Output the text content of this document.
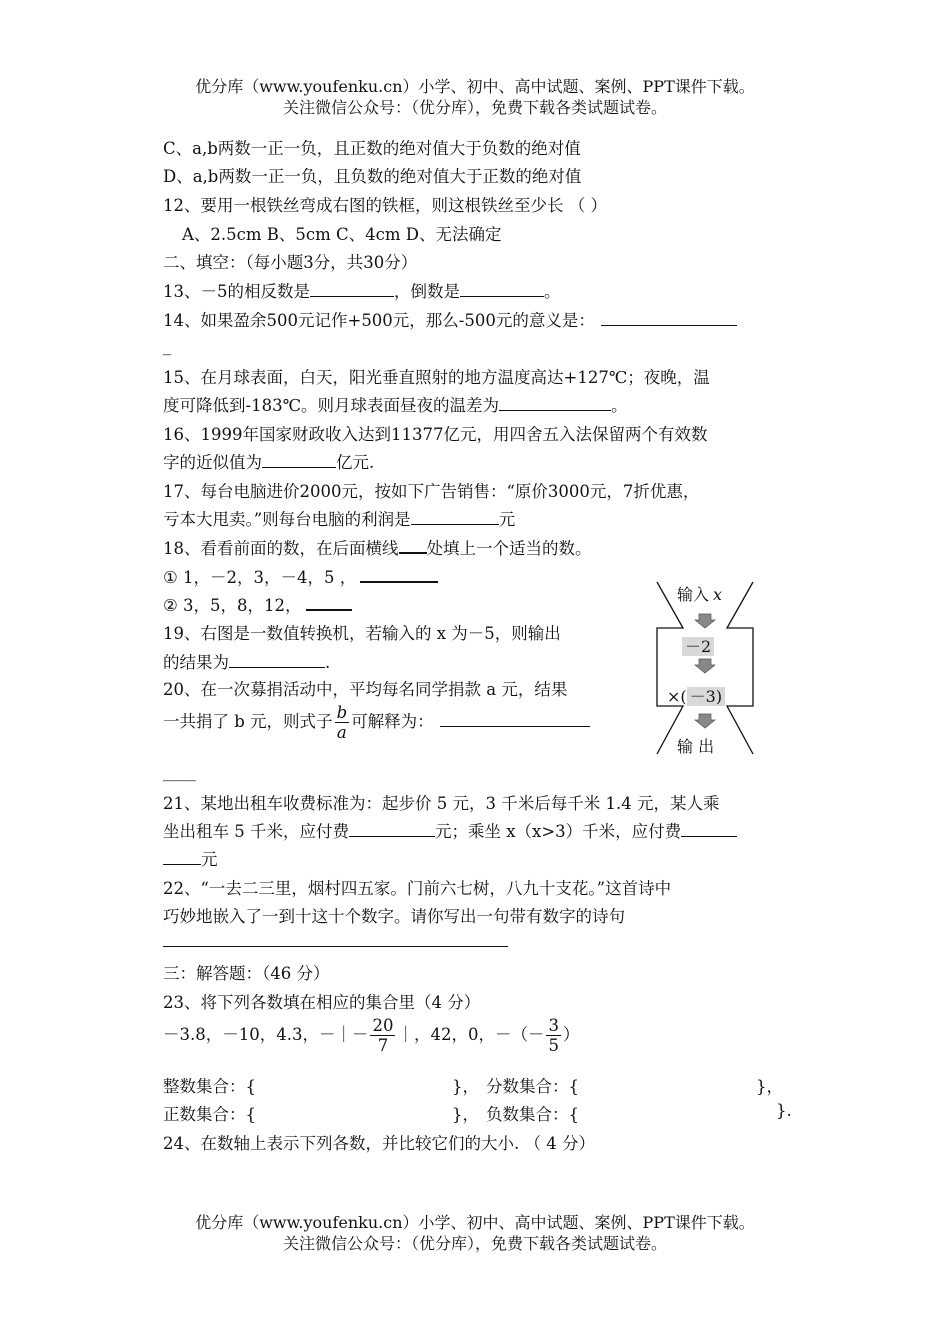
优分库（www.youfenku.cn）小学、初中、高中试题、案例、PPT课件下载。
关注微信公众号：（优分库），免费下载各类试题试卷。
C、a,b两数一正一负，且正数的绝对值大于负数的绝对值
D、a,b两数一正一负，且负数的绝对值大于正数的绝对值
12、要用一根铁丝弯成右图的铁框，则这根铁丝至少长 （ ）
A、2.5cm B、5cm C、4cm D、无法确定
二、填空：（每小题3分，共30分）
13、－5的相反数是	，倒数是	。
14、如果盈余500元记作+500元，那么-500元的意义是：
_
15、在月球表面，白天，阳光垂直照射的地方温度高达+127℃；夜晚，温
度可降低到-183℃。则月球表面昼夜的温差为	。
16、1999年国家财政收入达到11377亿元，用四舍五入法保留两个有效数
字的近似值为	亿元.
17、每台电脑进价2000元，按如下广告销售：“原价3000元，7折优惠，
亏本大甩卖。”则每台电脑的利润是	元
18、看看前面的数，在后面横线 处填上一个适当的数。
① 1，－2，3，－4，5 ，
② 3，5，8，12，
19、右图是一数值转换机，若输入的 x 为－5，则输出
的结果为	.
输入 x
－2
×( －3)
输 出
20、在一次募捐活动中，平均每名同学捐款 a 元，结果
一共捐了 b 元，则式子 $\frac{b}{a}$ 可解释为：
____
21、某地出租车收费标准为：起步价 5 元，3 千米后每千米 1.4 元，某人乘
坐出租车 5 千米，应付费	元；乘坐 x（x>3）千米，应付费
元
22、“一去二三里，烟村四五家。门前六七树，八九十支花。”这首诗中
巧妙地嵌入了一到十这十个数字。请你写出一句带有数字的诗句
三：解答题：（46 分）
23、将下列各数填在相应的集合里（4 分）
－3.8，－10，4.3，－｜－ $\frac{20}{7}$ ｜，42，0，－（－ $\frac{3}{5}$ ）
整数集合：{	}， 分数集合：{	}，
正数集合：{	}， 负数集合：{	}.
24、在数轴上表示下列各数，并比较它们的大小. （ 4 分）
优分库（www.youfenku.cn）小学、初中、高中试题、案例、PPT课件下载。
关注微信公众号：（优分库），免费下载各类试题试卷。
